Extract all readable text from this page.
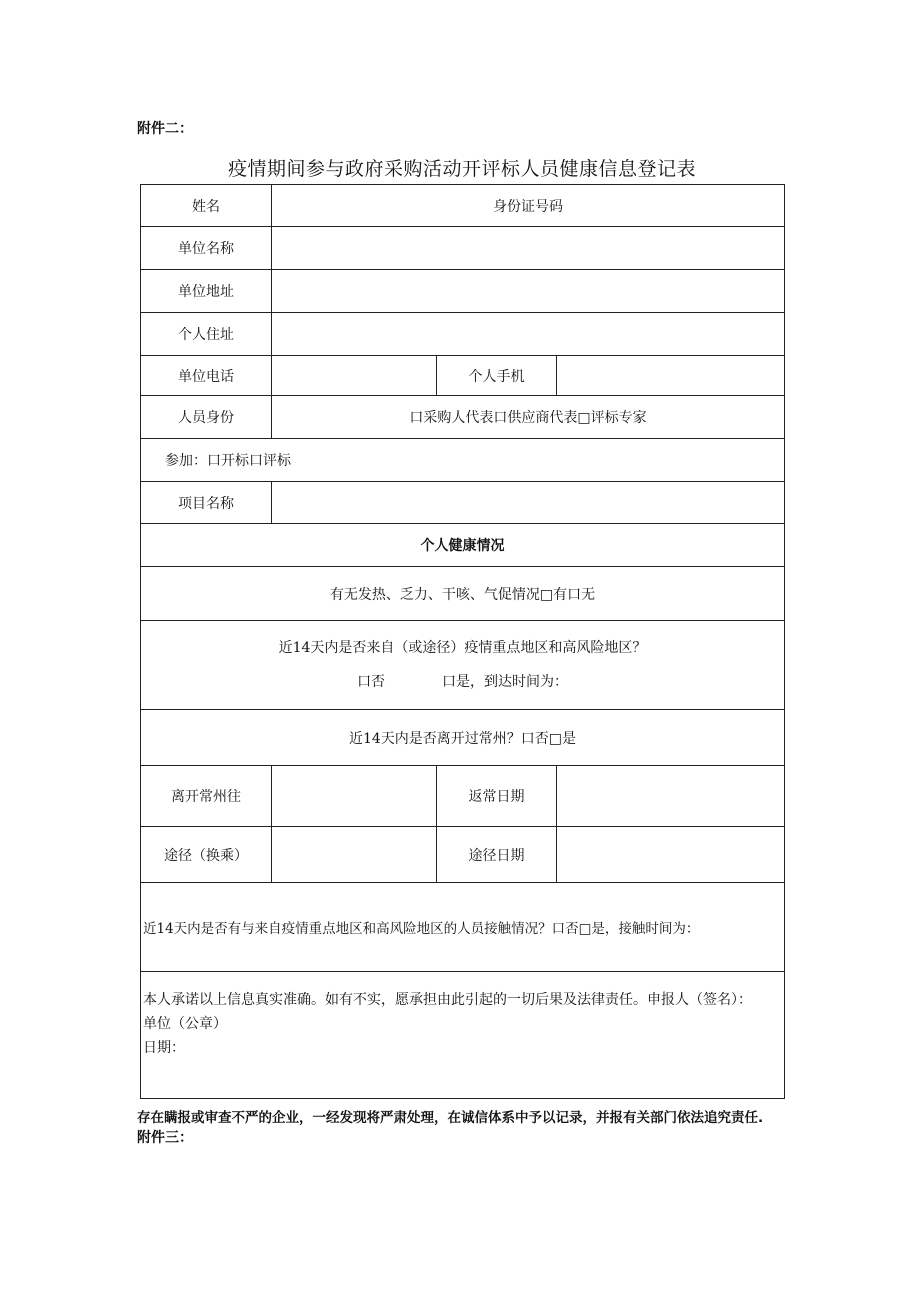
附件二：
疫情期间参与政府采购活动开评标人员健康信息登记表
姓名	身份证号码		
单位名称			
单位地址			
个人住址			
单位电话		个人手机	
人员身份	口采购人代表口供应商代表□评标专家		
参加：口开标口评标			
项目名称			
个人健康情况			
有无发热、乏力、干咳、气促情况□有口无			

近14天内是否来自（或途径）疫情重点地区和高风险地区？
口否 口是，到达时间为：			

近14天内是否离开过常州？口否□是			
离开常州往		返常日期	
途径（换乘）		途径日期	
近14天内是否有与来自疫情重点地区和高风险地区的人员接触情况？口否□是，接触时间为：			

本人承诺以上信息真实准确。如有不实，愿承担由此引起的一切后果及法律责任。申报人（签名）：
单位（公章）
日期：			
存在瞒报或审查不严的企业，一经发现将严肃处理，在诚信体系中予以记录，并报有关部门依法追究责任.
附件三：
